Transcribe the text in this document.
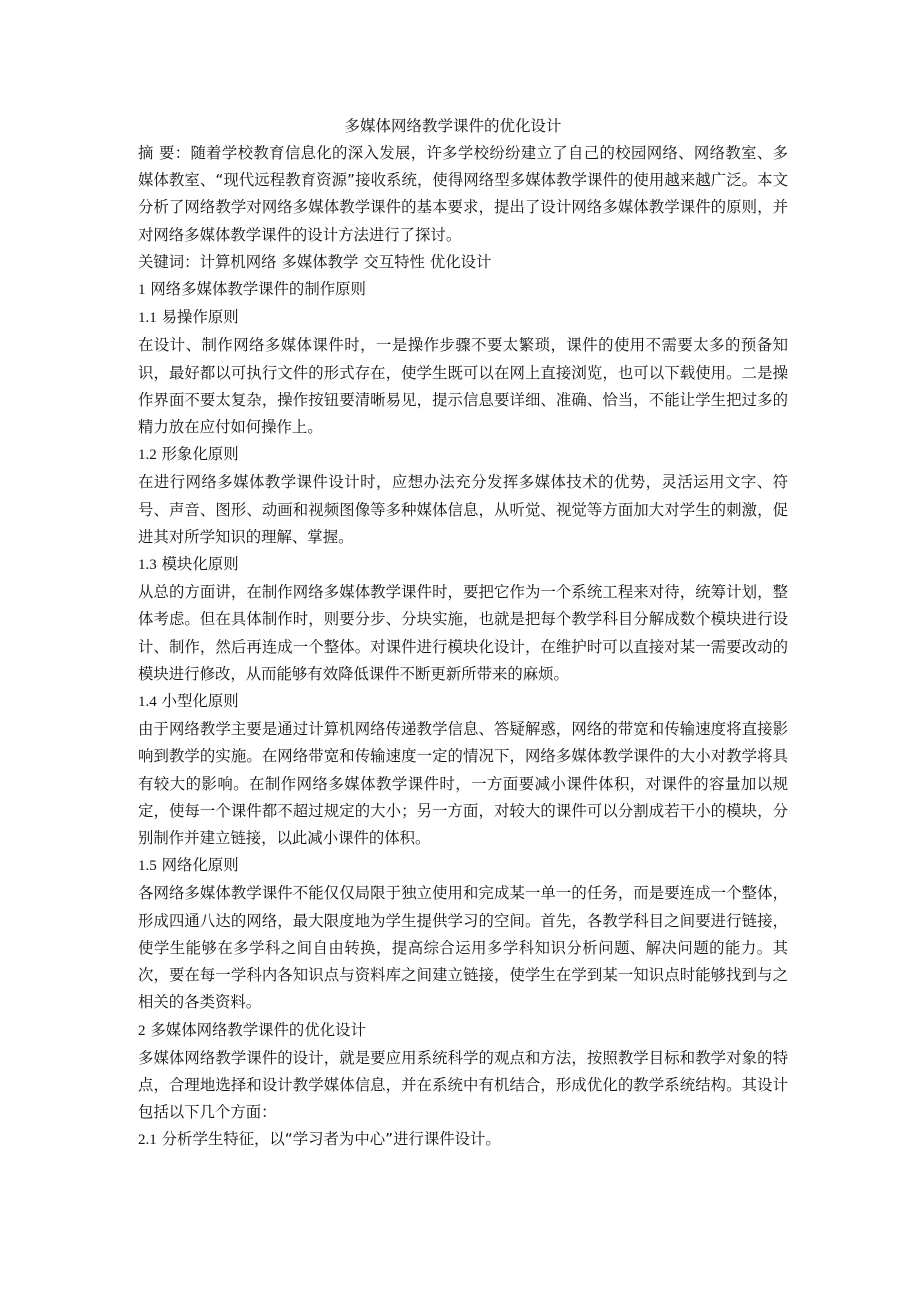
多媒体网络教学课件的优化设计

摘 要：随着学校教育信息化的深入发展，许多学校纷纷建立了自己的校园网络、网络教室、多媒体教室、“现代远程教育资源”接收系统，使得网络型多媒体教学课件的使用越来越广泛。本文分析了网络教学对网络多媒体教学课件的基本要求，提出了设计网络多媒体教学课件的原则，并对网络多媒体教学课件的设计方法进行了探讨。

关键词：计算机网络 多媒体教学 交互特性 优化设计

1 网络多媒体教学课件的制作原则
1.1 易操作原则

在设计、制作网络多媒体课件时，一是操作步骤不要太繁琐，课件的使用不需要太多的预备知识，最好都以可执行文件的形式存在，使学生既可以在网上直接浏览，也可以下载使用。二是操作界面不要太复杂，操作按钮要清晰易见，提示信息要详细、准确、恰当，不能让学生把过多的精力放在应付如何操作上。

1.2 形象化原则

在进行网络多媒体教学课件设计时，应想办法充分发挥多媒体技术的优势，灵活运用文字、符号、声音、图形、动画和视频图像等多种媒体信息，从听觉、视觉等方面加大对学生的刺激，促进其对所学知识的理解、掌握。

1.3 模块化原则

从总的方面讲，在制作网络多媒体教学课件时，要把它作为一个系统工程来对待，统筹计划，整体考虑。但在具体制作时，则要分步、分块实施，也就是把每个教学科目分解成数个模块进行设计、制作，然后再连成一个整体。对课件进行模块化设计，在维护时可以直接对某一需要改动的模块进行修改，从而能够有效降低课件不断更新所带来的麻烦。

1.4 小型化原则

由于网络教学主要是通过计算机网络传递教学信息、答疑解惑，网络的带宽和传输速度将直接影响到教学的实施。在网络带宽和传输速度一定的情况下，网络多媒体教学课件的大小对教学将具有较大的影响。在制作网络多媒体教学课件时，一方面要减小课件体积，对课件的容量加以规定，使每一个课件都不超过规定的大小；另一方面，对较大的课件可以分割成若干小的模块，分别制作并建立链接，以此减小课件的体积。

1.5 网络化原则

各网络多媒体教学课件不能仅仅局限于独立使用和完成某一单一的任务，而是要连成一个整体，形成四通八达的网络，最大限度地为学生提供学习的空间。首先，各教学科目之间要进行链接，使学生能够在多学科之间自由转换，提高综合运用多学科知识分析问题、解决问题的能力。其次，要在每一学科内各知识点与资料库之间建立链接，使学生在学到某一知识点时能够找到与之相关的各类资料。

2 多媒体网络教学课件的优化设计

多媒体网络教学课件的设计，就是要应用系统科学的观点和方法，按照教学目标和教学对象的特点，合理地选择和设计教学媒体信息，并在系统中有机结合，形成优化的教学系统结构。其设计包括以下几个方面：

2.1 分析学生特征，以“学习者为中心”进行课件设计。
